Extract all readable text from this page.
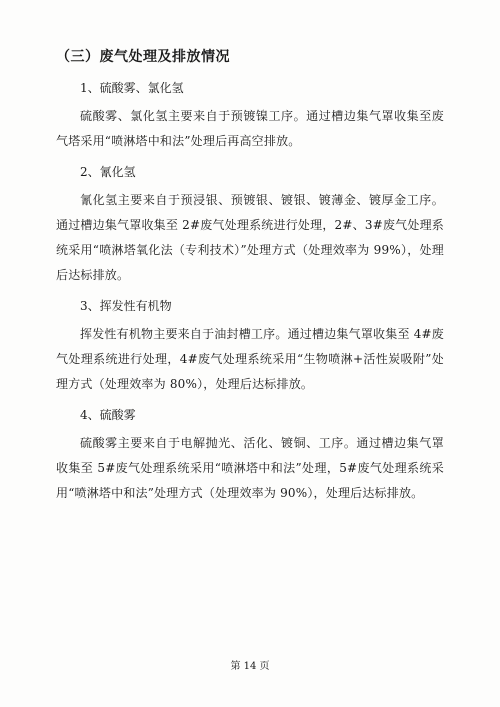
（三）废气处理及排放情况
1、硫酸雾、氯化氢

硫酸雾、氯化氢主要来自于预镀镍工序。通过槽边集气罩收集至废气塔采用“喷淋塔中和法”处理后再高空排放。

2、氰化氢

氰化氢主要来自于预浸银、预镀银、镀银、镀薄金、镀厚金工序。通过槽边集气罩收集至 2#废气处理系统进行处理，2#、3#废气处理系统采用“喷淋塔氧化法（专利技术）”处理方式（处理效率为 99%），处理后达标排放。

3、挥发性有机物

挥发性有机物主要来自于油封槽工序。通过槽边集气罩收集至 4#废气处理系统进行处理，4#废气处理系统采用“生物喷淋+活性炭吸附”处理方式（处理效率为 80%），处理后达标排放。

4、硫酸雾

硫酸雾主要来自于电解抛光、活化、镀铜、工序。通过槽边集气罩收集至 5#废气处理系统采用“喷淋塔中和法”处理，5#废气处理系统采用“喷淋塔中和法”处理方式（处理效率为 90%），处理后达标排放。

第 14 页
